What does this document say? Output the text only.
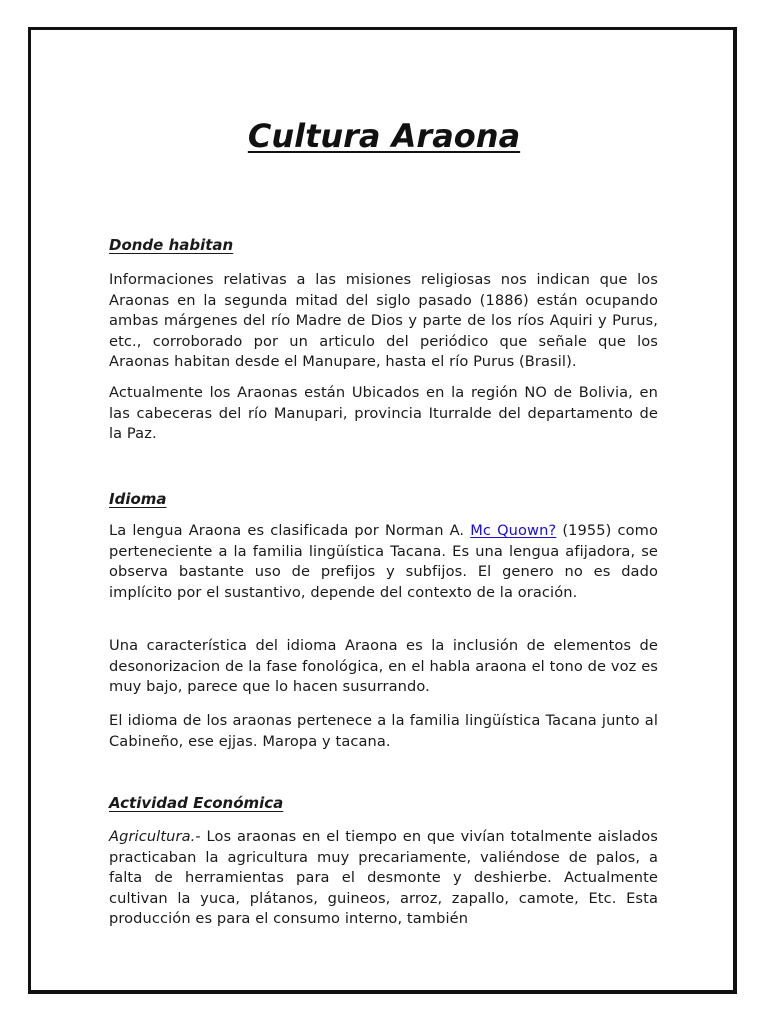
Cultura Araona
Donde habitan

Informaciones relativas a las misiones religiosas nos indican que los Araonas en la segunda mitad del siglo pasado (1886) están ocupando ambas márgenes del río Madre de Dios y parte de los ríos Aquiri y Purus, etc., corroborado por un articulo del periódico que señale que los Araonas habitan desde el Manupare, hasta el río Purus (Brasil).

Actualmente los Araonas están Ubicados en la región NO de Bolivia, en las cabeceras del río Manupari, provincia Iturralde del departamento de la Paz.

Idioma

La lengua Araona es clasificada por Norman A. Mc Quown? (1955) como perteneciente a la familia lingüística Tacana. Es una lengua afijadora, se observa bastante uso de prefijos y subfijos. El genero no es dado implícito por el sustantivo, depende del contexto de la oración.

Una característica del idioma Araona es la inclusión de elementos de desonorizacion de la fase fonológica, en el habla araona el tono de voz es muy bajo, parece que lo hacen susurrando.

El idioma de los araonas pertenece a la familia lingüística Tacana junto al Cabineño, ese ejjas. Maropa y tacana.

Actividad Económica

Agricultura.- Los araonas en el tiempo en que vivían totalmente aislados practicaban la agricultura muy precariamente, valiéndose de palos, a falta de herramientas para el desmonte y deshierbe. Actualmente cultivan la yuca, plátanos, guineos, arroz, zapallo, camote, Etc. Esta producción es para el consumo interno, también
